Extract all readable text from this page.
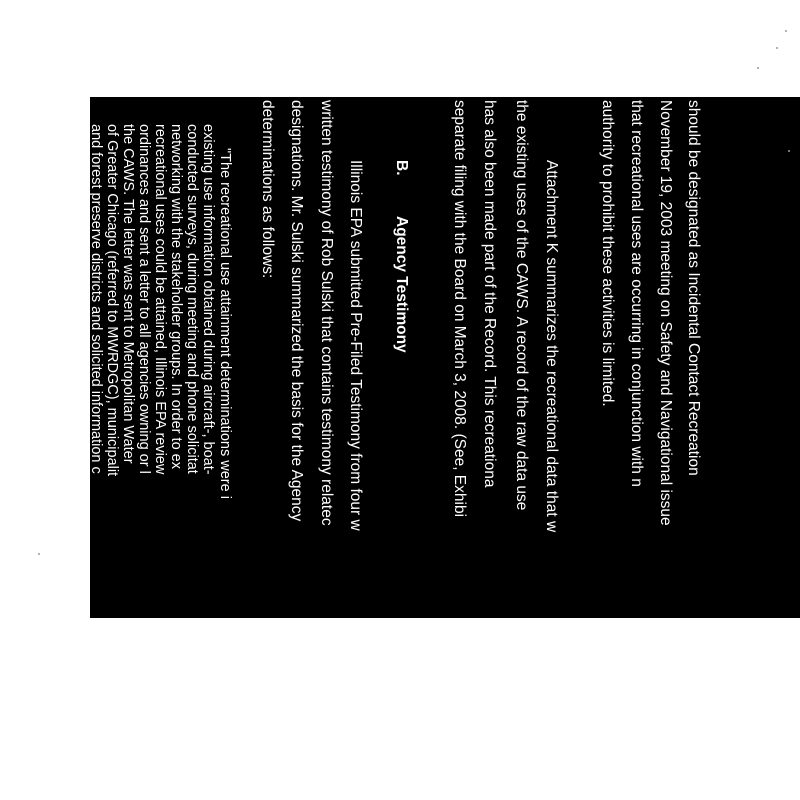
should be designated as Incidental Contact Recreation
November 19, 2003 meeting on Safety and Navigational issue
that recreational uses are occurring in conjunction with n
authority to prohibit these activities is limited.
Attachment K summarizes the recreational data that w
the existing uses of the CAWS. A record of the raw data use
has also been made part of the Record. This recreationa
separate filing with the Board on March 3, 2008. (See, Exhibi
B.
Agency Testimony
Illinois EPA submitted Pre-Filed Testimony from four w
written testimony of Rob Sulski that contains testimony relatec
designations. Mr. Sulski summarized the basis for the Agency
determinations as follows:
"The recreational use attainment determinations were i
existing use information obtained during aircraft-, boat-
conducted surveys, during meeting and phone solicitat
networking with the stakeholder groups. In order to ex
recreational uses could be attained, Illinois EPA review
ordinances and sent a letter to all agencies owning or l
the CAWS. The letter was sent to Metropolitan Water
of Greater Chicago (referred to MWRDGC), municipalit
and forest preserve districts and solicited information c
all recreational and other use opportunities within and a
planned for the foreseeable future. None of the respor
contained definitive plans for new uses that do not alre
Sulski Testimony (Exhibit 1) at p. 9.
